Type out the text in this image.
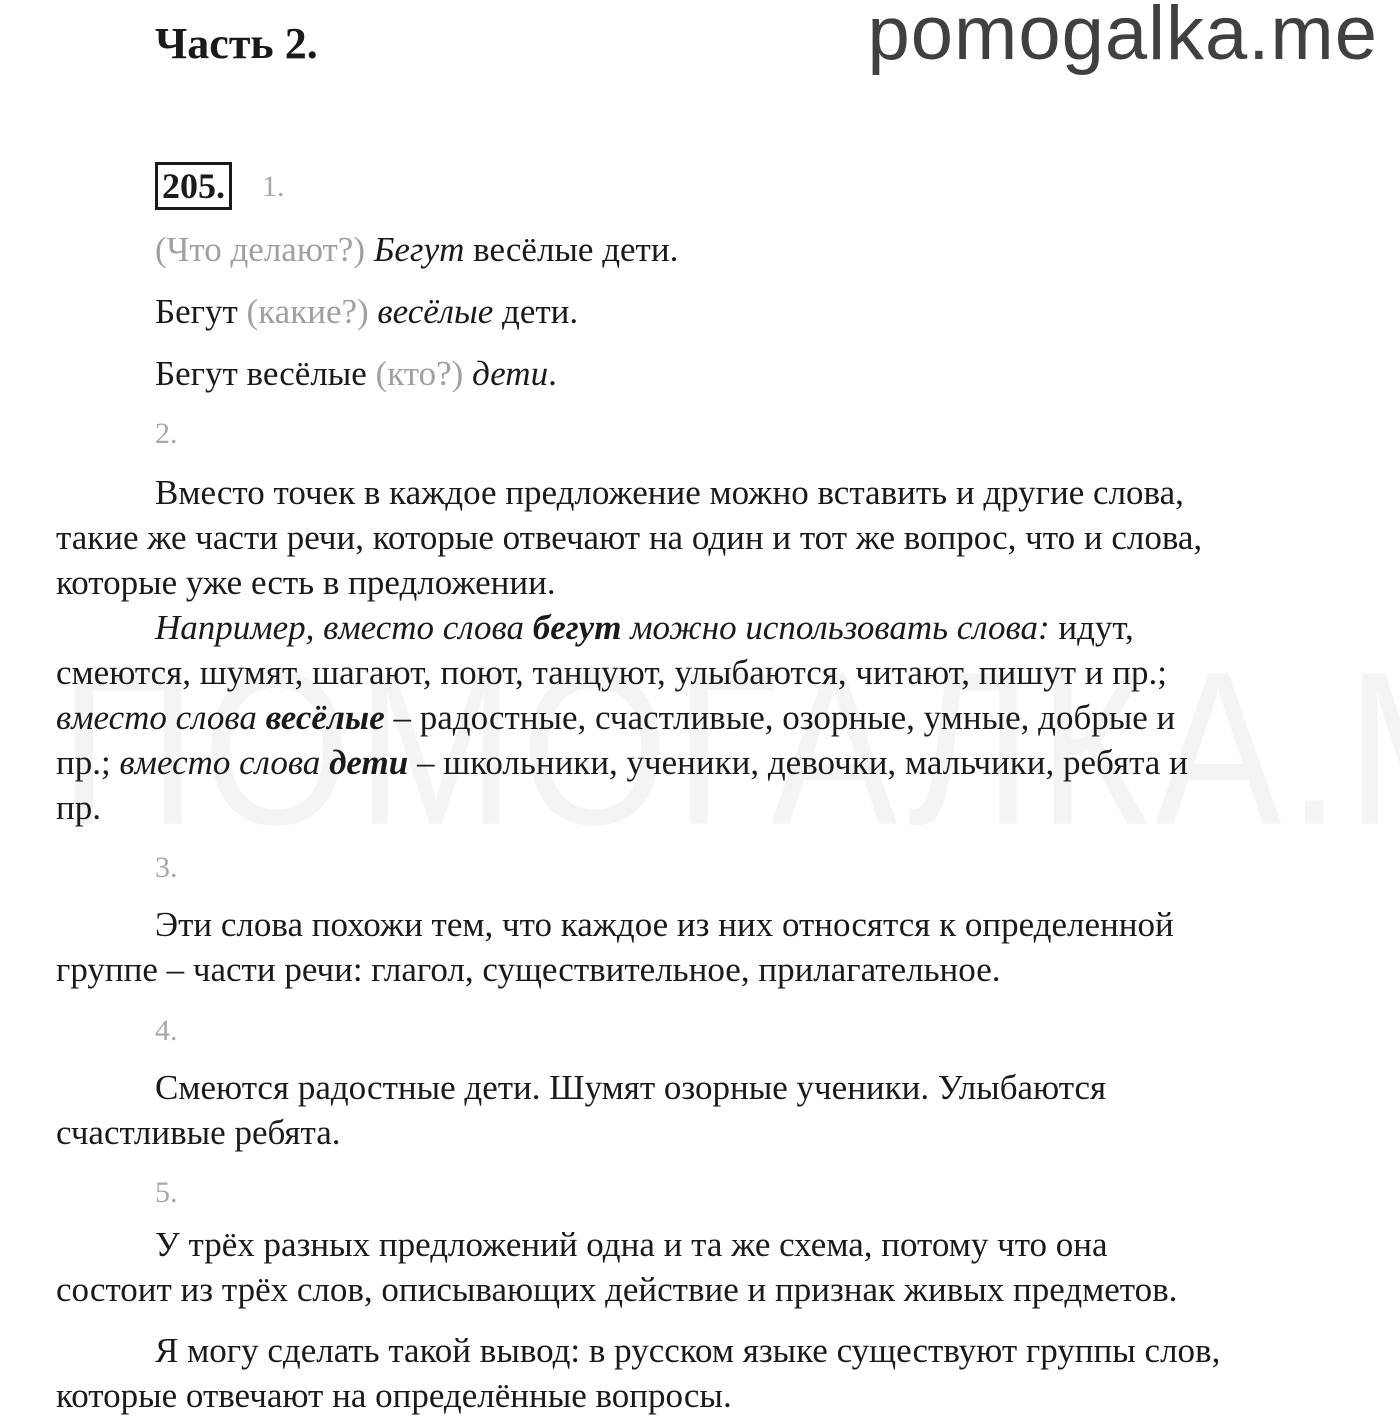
Часть 2.	pomogalka.me
205. 1.
(Что делают?) Бегут весёлые дети.
Бегут (какие?) весёлые дети.
Бегут весёлые (кто?) дети.
2.
Вместо точек в каждое предложение можно вставить и другие слова,
такие же части речи, которые отвечают на один и тот же вопрос, что и слова,
которые уже есть в предложении.
Например, вместо слова бегут можно использовать слова: идут,
смеются, шумят, шагают, поют, танцуют, улыбаются, читают, пишут и пр.;
вместо слова весёлые – радостные, счастливые, озорные, умные, добрые и
пр.; вместо слова дети – школьники, ученики, девочки, мальчики, ребята и
пр.
3.
Эти слова похожи тем, что каждое из них относятся к определенной
группе – части речи: глагол, существительное, прилагательное.
4.
Смеются радостные дети. Шумят озорные ученики. Улыбаются
счастливые ребята.
5.
У трёх разных предложений одна и та же схема, потому что она
состоит из трёх слов, описывающих действие и признак живых предметов.
Я могу сделать такой вывод: в русском языке существуют группы слов,
которые отвечают на определённые вопросы.
